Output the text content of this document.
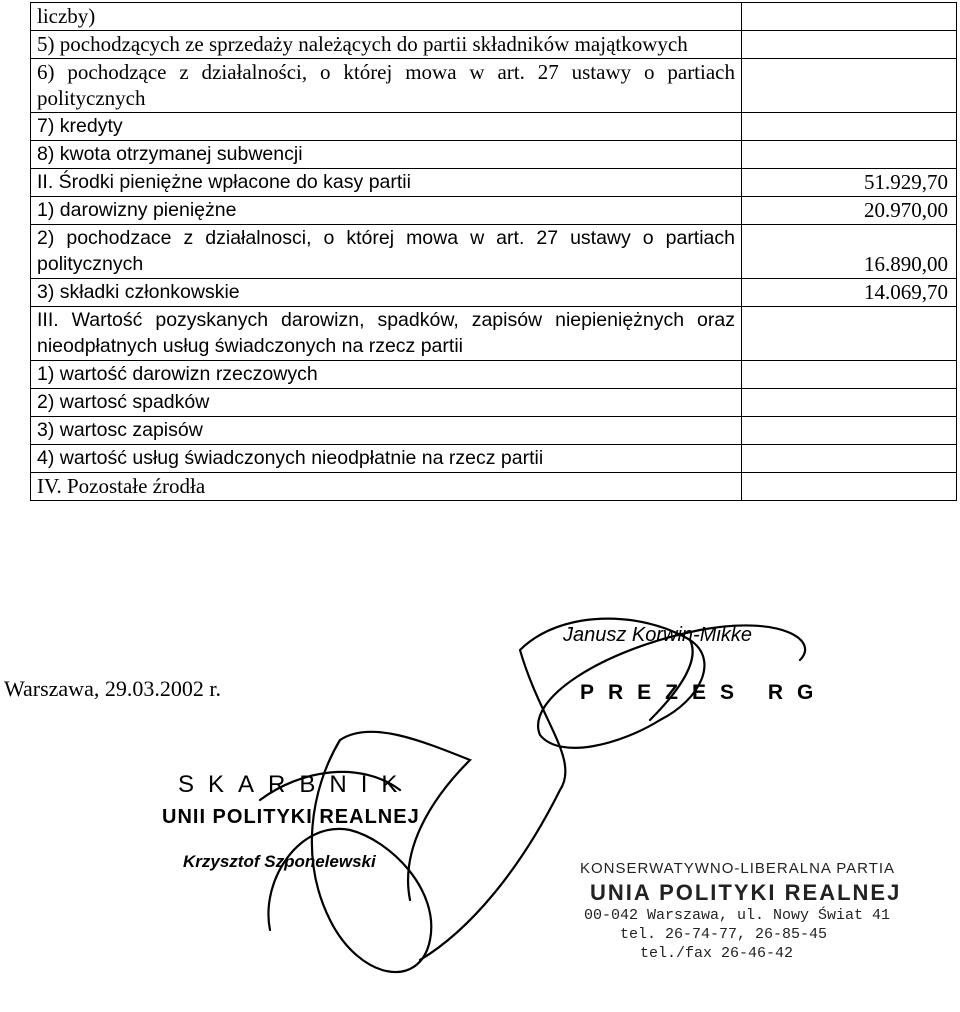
liczby)	
5) pochodzących ze sprzedaży należących do partii składników majątkowych	
6) pochodzące z działalności, o której mowa w art. 27 ustawy o partiach politycznych	
7) kredyty	
8) kwota otrzymanej subwencji	
II. Środki pieniężne wpłacone do kasy partii	51.929,70
1) darowizny pieniężne	20.970,00
2) pochodzace z działalnosci, o której mowa w art. 27 ustawy o partiach politycznych	16.890,00
3) składki członkowskie	14.069,70
III. Wartość pozyskanych darowizn, spadków, zapisów niepieniężnych oraz nieodpłatnych usług świadczonych na rzecz partii	
1) wartość darowizn rzeczowych	
2) wartosć spadków	
3) wartosc zapisów	
4) wartość usług świadczonych nieodpłatnie na rzecz partii	
IV. Pozostałe źrodła	
Warszawa, 29.03.2002 r.
Janusz Korwin-Mikke
PREZES RG
SKARBNIK
UNII POLITYKI REALNEJ
Krzysztof Szponelewski	KONSERWATYWNO-LIBERALNA PARTIA
UNIA POLITYKI REALNEJ
00-042 Warszawa, ul. Nowy Świat 41
tel. 26-74-77, 26-85-45
tel./fax 26-46-42
